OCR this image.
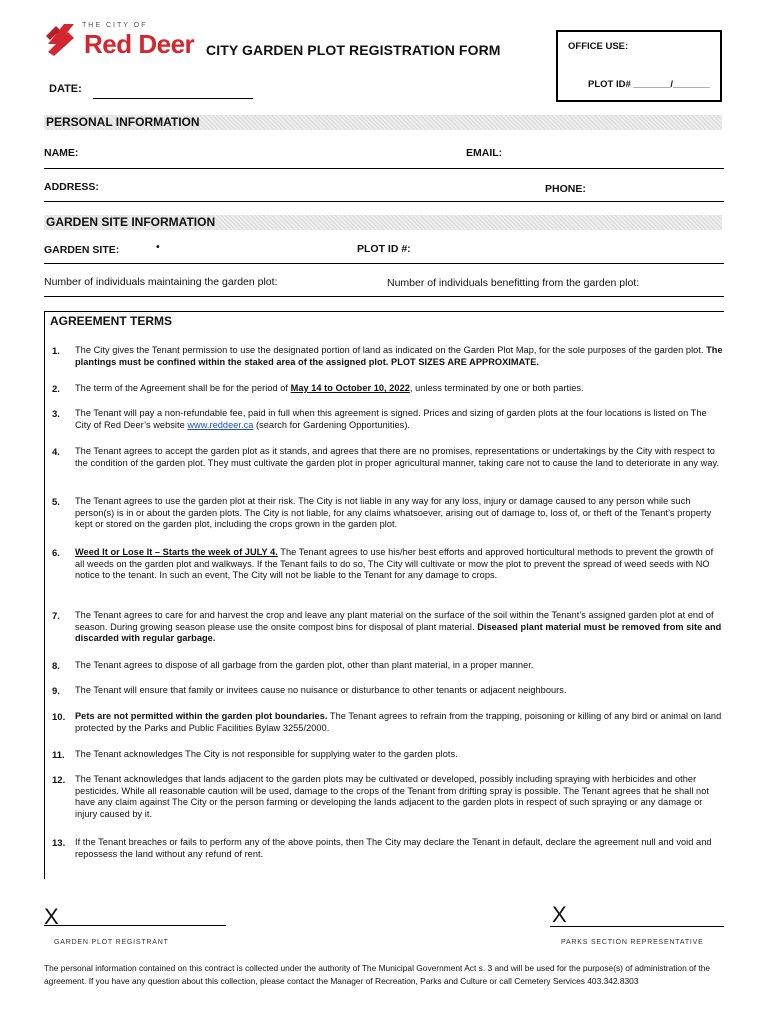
THE CITY OF
Red Deer CITY GARDEN PLOT REGISTRATION FORM	OFFICE USE:
PLOT ID# _______/_______
DATE:
PERSONAL INFORMATION
NAME:	EMAIL:
ADDRESS:	PHONE:
GARDEN SITE INFORMATION
GARDEN SITE:	•	PLOT ID #:
Number of individuals maintaining the garden plot:	Number of individuals benefitting from the garden plot:
AGREEMENT TERMS
1.	The City gives the Tenant permission to use the designated portion of land as indicated on the Garden Plot Map, for the sole purposes of the garden plot. The plantings must be confined within the staked area of the assigned plot. PLOT SIZES ARE APPROXIMATE.
2.	The term of the Agreement shall be for the period of May 14 to October 10, 2022, unless terminated by one or both parties.
3.	The Tenant will pay a non-refundable fee, paid in full when this agreement is signed. Prices and sizing of garden plots at the four locations is listed on The City of Red Deer’s website www.reddeer.ca (search for Gardening Opportunities).
4.	The Tenant agrees to accept the garden plot as it stands, and agrees that there are no promises, representations or undertakings by the City with respect to the condition of the garden plot. They must cultivate the garden plot in proper agricultural manner, taking care not to cause the land to deteriorate in any way.
5.	The Tenant agrees to use the garden plot at their risk. The City is not liable in any way for any loss, injury or damage caused to any person while such person(s) is in or about the garden plots. The City is not liable, for any claims whatsoever, arising out of damage to, loss of, or theft of the Tenant’s property kept or stored on the garden plot, including the crops grown in the garden plot.
6.	Weed It or Lose It – Starts the week of JULY 4. The Tenant agrees to use his/her best efforts and approved horticultural methods to prevent the growth of all weeds on the garden plot and walkways. If the Tenant fails to do so, The City will cultivate or mow the plot to prevent the spread of weed seeds with NO notice to the tenant. In such an event, The City will not be liable to the Tenant for any damage to crops.
7.	The Tenant agrees to care for and harvest the crop and leave any plant material on the surface of the soil within the Tenant’s assigned garden plot at end of season. During growing season please use the onsite compost bins for disposal of plant material. Diseased plant material must be removed from site and discarded with regular garbage.
8.	The Tenant agrees to dispose of all garbage from the garden plot, other than plant material, in a proper manner.
9.	The Tenant will ensure that family or invitees cause no nuisance or disturbance to other tenants or adjacent neighbours.
10.	Pets are not permitted within the garden plot boundaries. The Tenant agrees to refrain from the trapping, poisoning or killing of any bird or animal on land protected by the Parks and Public Facilities Bylaw 3255/2000.
11.	The Tenant acknowledges The City is not responsible for supplying water to the garden plots.
12.	The Tenant acknowledges that lands adjacent to the garden plots may be cultivated or developed, possibly including spraying with herbicides and other pesticides. While all reasonable caution will be used, damage to the crops of the Tenant from drifting spray is possible. The Tenant agrees that he shall not have any claim against The City or the person farming or developing the lands adjacent to the garden plots in respect of such spraying or any damage or injury caused by it.
13.	If the Tenant breaches or fails to perform any of the above points, then The City may declare the Tenant in default, declare the agreement null and void and repossess the land without any refund of rent.
X
GARDEN PLOT REGISTRANT
X
PARKS SECTION REPRESENTATIVE
The personal information contained on this contract is collected under the authority of The Municipal Government Act s. 3 and will be used for the purpose(s) of administration of the agreement. If you have any question about this collection, please contact the Manager of Recreation, Parks and Culture or call Cemetery Services 403.342.8303
